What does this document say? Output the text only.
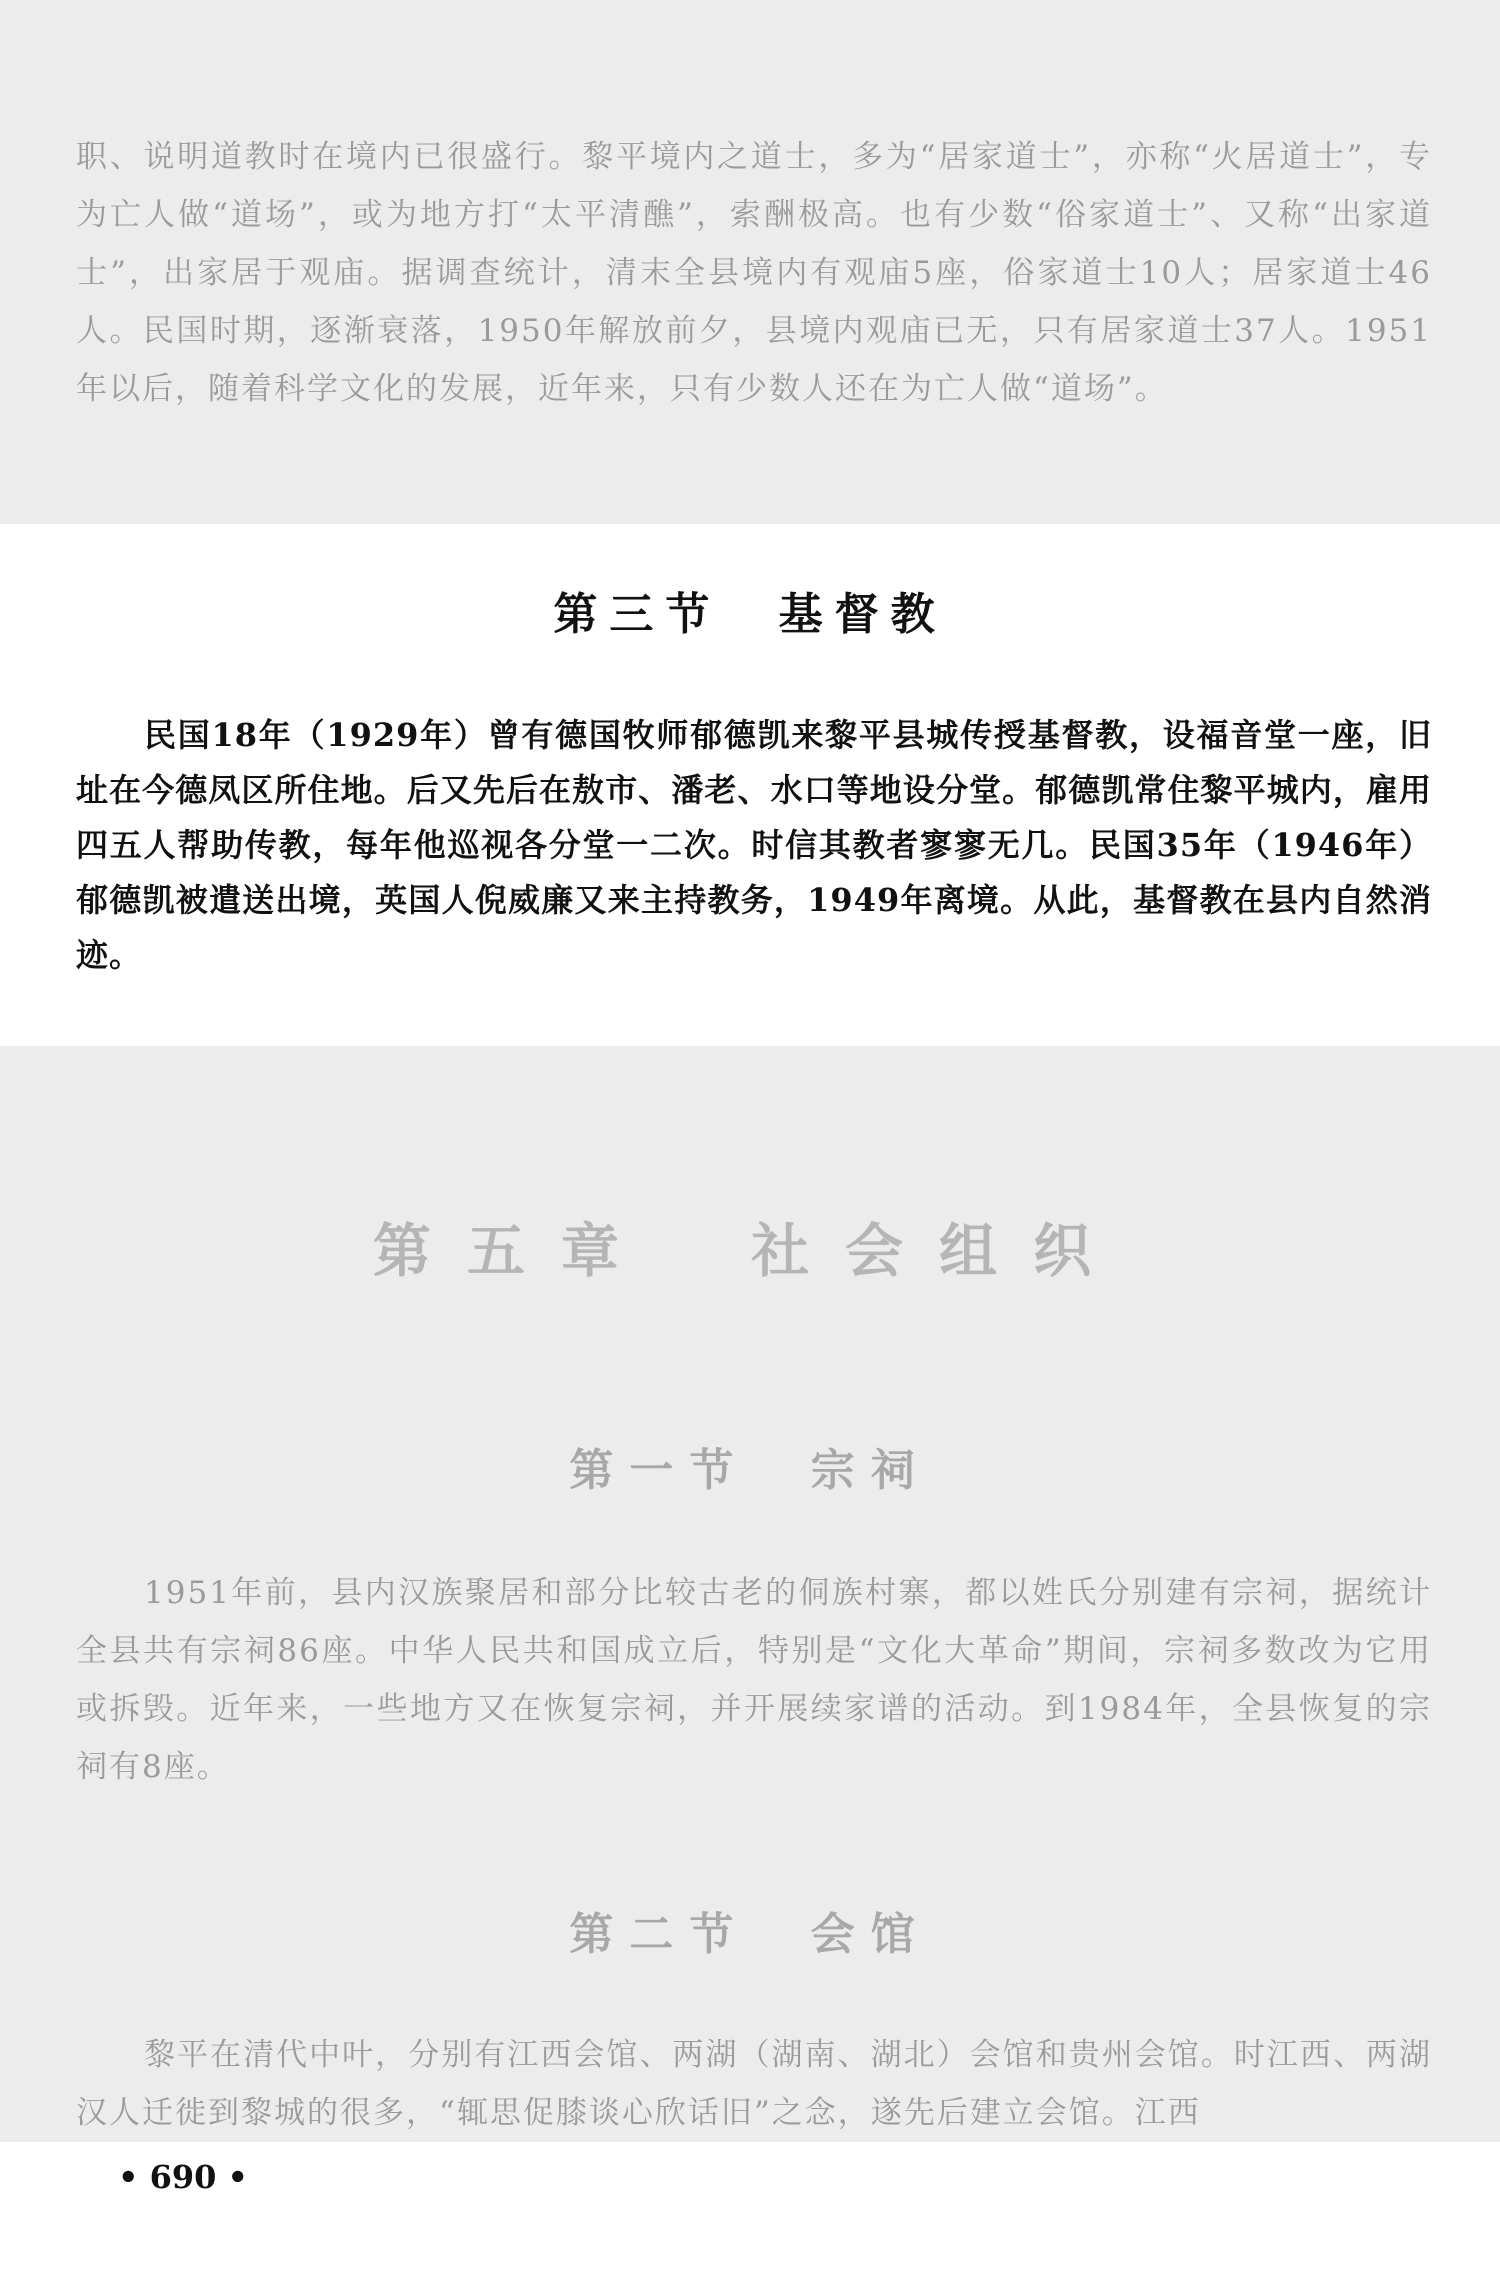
职、说明道教时在境内已很盛行。黎平境内之道士，多为“居家道士”，亦称“火居道士”，专为亡人做“道场”，或为地方打“太平清醮”，索酬极高。也有少数“俗家道士”、又称“出家道士”，出家居于观庙。据调查统计，清末全县境内有观庙5座，俗家道士10人；居家道士46人。民国时期，逐渐衰落，1950年解放前夕，县境内观庙已无，只有居家道士37人。1951年以后，随着科学文化的发展，近年来，只有少数人还在为亡人做“道场”。

第三节 基督教

民国18年（1929年）曾有德国牧师郁德凯来黎平县城传授基督教，设福音堂一座，旧址在今德凤区所住地。后又先后在敖市、潘老、水口等地设分堂。郁德凯常住黎平城内，雇用四五人帮助传教，每年他巡视各分堂一二次。时信其教者寥寥无几。民国35年（1946年）郁德凯被遣送出境，英国人倪威廉又来主持教务，1949年离境。从此，基督教在县内自然消迹。

第五章 社会组织
第一节 宗祠

1951年前，县内汉族聚居和部分比较古老的侗族村寨，都以姓氏分别建有宗祠，据统计全县共有宗祠86座。中华人民共和国成立后，特别是“文化大革命”期间，宗祠多数改为它用或拆毁。近年来，一些地方又在恢复宗祠，并开展续家谱的活动。到1984年，全县恢复的宗祠有8座。

第二节 会馆

黎平在清代中叶，分别有江西会馆、两湖（湖南、湖北）会馆和贵州会馆。时江西、两湖汉人迁徙到黎城的很多，“辄思促膝谈心欣话旧”之念，遂先后建立会馆。江西

• 690 •
